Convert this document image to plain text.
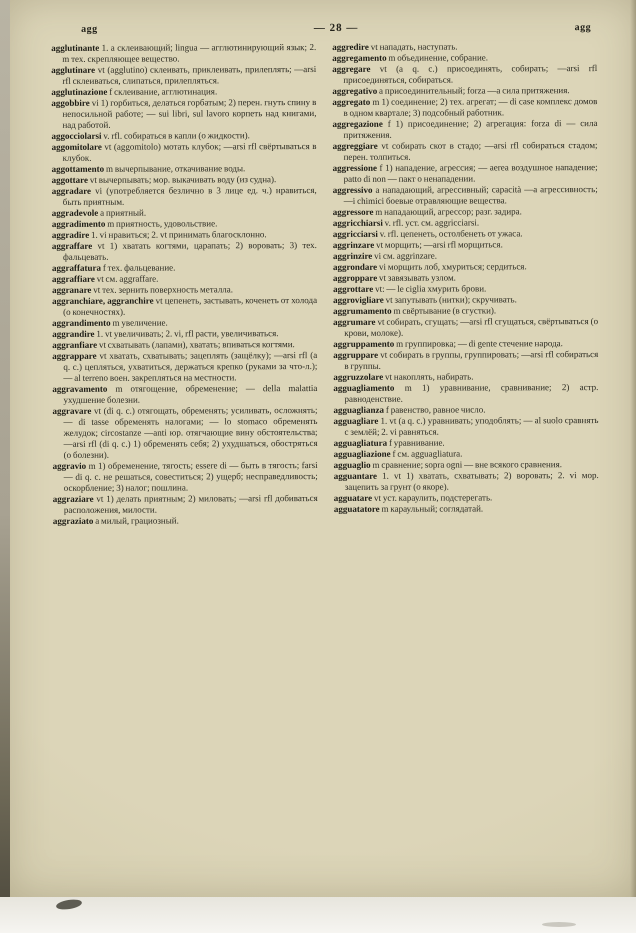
agg	— 28 —	agg

agglutinante 1. a склеивающий; lingua — агглютинирующий язык; 2. m тех. скрепляющее вещество.

agglutinare vt (agglutino) склеивать, приклеивать, прилеплять; —arsi rfl склеиваться, слипаться, прилепляться.

agglutinazione f склеивание, агглютинация.

aggobbire vi 1) горбиться, делаться горбатым; 2) перен. гнуть спину в непосильной работе; — sui libri, sul lavoro корпеть над книгами, над работой.

aggocciolarsi v. rfl. собираться в капли (о жидкости).

aggomitolare vt (aggomitolo) мотать клубок; —arsi rfl свёртываться в клубок.

aggottamento m вычерпывание, откачивание воды.

aggottare vt вычерпывать; мор. выкачивать воду (из судна).

aggradare vi (употребляется безлично в 3 лице ед. ч.) нравиться, быть приятным.

aggradevole a приятный.

aggradimento m приятность, удовольствие.

aggradire 1. vi нравиться; 2. vt принимать благосклонно.

aggraffare vt 1) хватать когтями, царапать; 2) воровать; 3) тех. фальцевать.

aggraffatura f тех. фальцевание.

aggraffiare vt см. aggraffare.

aggranare vt тех. зернить поверхность металла.

aggranchiare, aggranchire vt цепенеть, застывать, коченеть от холода (о конечностях).

aggrandimento m увеличение.

aggrandire 1. vt увеличивать; 2. vi, rfl расти, увеличиваться.

aggranfiare vt схватывать (лапами), хватать; впиваться когтями.

aggrappare vt хватать, схватывать; зацеплять (защёлку); —arsi rfl (a q. c.) цепляться, ухватиться, держаться крепко (руками за что-л.); — al terreno воен. закрепляться на местности.

aggravamento m отягощение, обременение; — della malattia ухудшение болезни.

aggravare vt (di q. c.) отягощать, обременять; усиливать, осложнять; — di tasse обременять налогами; — lo stomaco обременять желудок; circostanze —anti юр. отягчающие вину обстоятельства; —arsi rfl (di q. c.) 1) обременять себя; 2) ухудшаться, обостряться (о болезни).

aggravio m 1) обременение, тягость; essere di — быть в тягость; farsi — di q. c. не решаться, совеститься; 2) ущерб; несправедливость; оскорбление; 3) налог; пошлина.

aggraziare vt 1) делать приятным; 2) миловать; —arsi rfl добиваться расположения, милости.

aggraziato a милый, грациозный.

aggredire vt нападать, наступать.

aggregamento m объединение, собрание.

aggregare vt (a q. c.) присоединять, собирать; —arsi rfl присоединяться, собираться.

aggregativo a присоединительный; forza —a сила притяжения.

aggregato m 1) соединение; 2) тех. агрегат; — di case комплекс домов в одном квартале; 3) подсобный работник.

aggregazione f 1) присоединение; 2) агрегация: forza di — сила притяжения.

aggreggiare vt собирать скот в стадо; —arsi rfl собираться стадом; перен. толпиться.

aggressione f 1) нападение, агрессия; — aerea воздушное нападение; patto di non — пакт о ненападении.

aggressivo a нападающий, агрессивный; capacità —a агрессивность; —i chimici боевые отравляющие вещества.

aggressore m нападающий, агрессор; разг. задира.

aggricchiarsi v. rfl. уст. см. aggricciarsi.

aggricciarsi v. rfl. цепенеть, остолбенеть от ужаса.

aggrinzare vt морщить; —arsi rfl морщиться.

aggrinzire vi см. aggrinzare.

aggrondare vi морщить лоб, хмуриться; сердиться.

aggroppare vt завязывать узлом.

aggrottare vt: — le ciglia хмурить брови.

aggrovigliare vt запутывать (нитки); скручивать.

aggrumamento m свёртывание (в сгустки).

aggrumare vt собирать, сгущать; —arsi rfl сгущаться, свёртываться (о крови, молоке).

aggruppamento m группировка; — di gente стечение народа.

aggruppare vt собирать в группы, группировать; —arsi rfl собираться в группы.

aggruzzolare vt накоплять, набирать.

agguagliamento m 1) уравнивание, сравнивание; 2) астр. равноденствие.

agguaglianza f равенство, равное число.

agguagliare 1. vt (a q. c.) уравнивать; уподоблять; — al suolo сравнять с землёй; 2. vi равняться.

agguagliatura f уравнивание.

agguagliazione f см. agguagliatura.

agguaglio m сравнение; sopra ogni — вне всякого сравнения.

agguantare 1. vt 1) хватать, схватывать; 2) воровать; 2. vi мор. зацепить за грунт (о якоре).

agguatare vt уст. караулить, подстерегать.

agguatatore m караульный; соглядатай.
